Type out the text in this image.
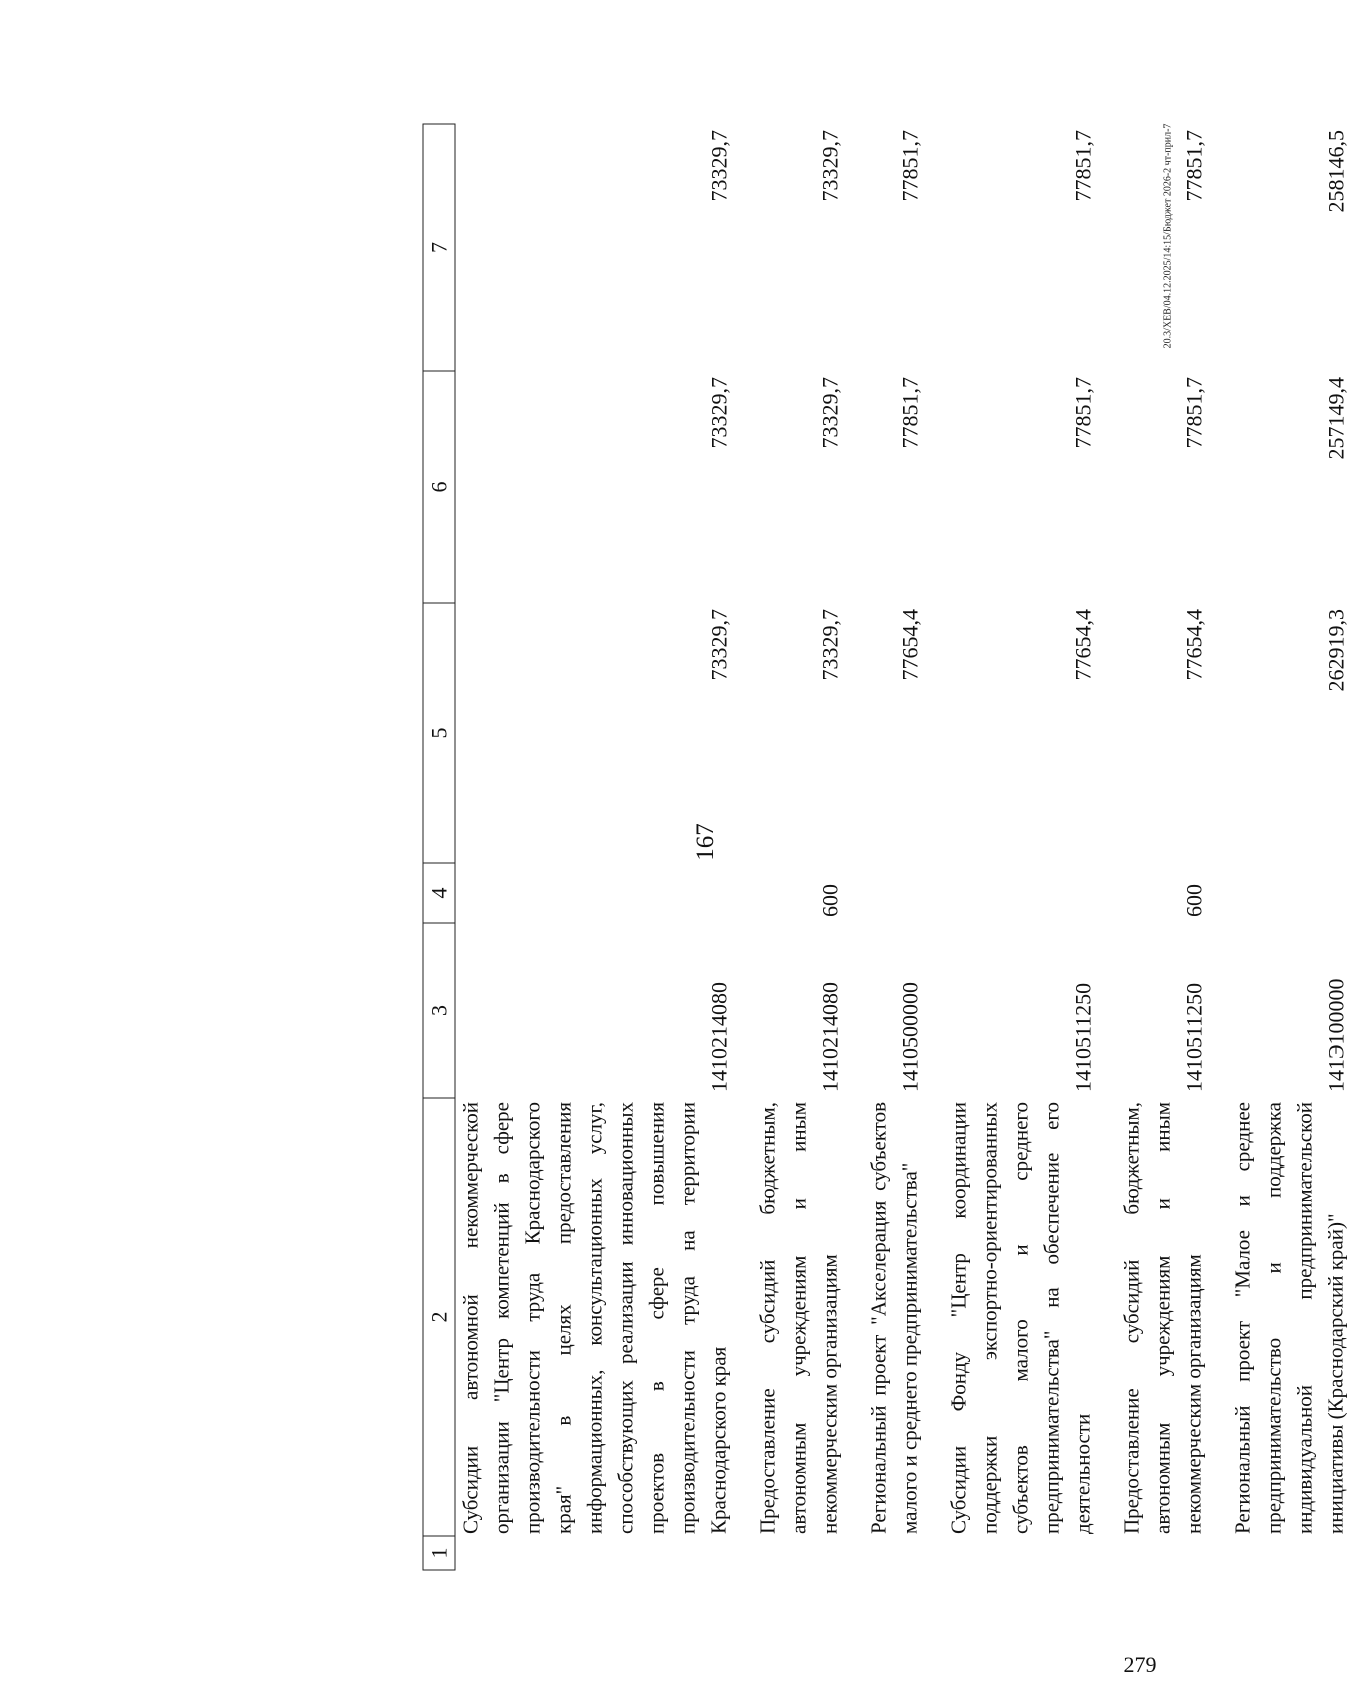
167
1	2	3	4	5	6	7
	Субсидии автономной некоммерческой организации "Центр компетенций в сфере производительности труда Краснодарского края" в целях предоставления информационных, консультационных услуг, способствующих реализации инновационных проектов в сфере повышения производительности труда на территории Краснодарского края	1410214080		73329,7	73329,7	73329,7
	Предоставление субсидий бюджетным, автономным учреждениям и иным некоммерческим организациям	1410214080	600	73329,7	73329,7	73329,7
	Региональный проект "Акселерация субъектов малого и среднего предпринимательства"	1410500000		77654,4	77851,7	77851,7
	Субсидии Фонду "Центр координации поддержки экспортно-ориентированных субъектов малого и среднего предпринимательства" на обеспечение его деятельности	1410511250		77654,4	77851,7	77851,7
	Предоставление субсидий бюджетным, автономным учреждениям и иным некоммерческим организациям	1410511250	600	77654,4	77851,7	77851,7
	Региональный проект "Малое и среднее предпринимательство и поддержка индивидуальной предпринимательской инициативы (Краснодарский край)"	141Э100000		262919,3	257149,4	258146,5
20.3/ХЕВ/04.12.2025/14:15/Бюджет 2026-2 чт-прил-7
279
